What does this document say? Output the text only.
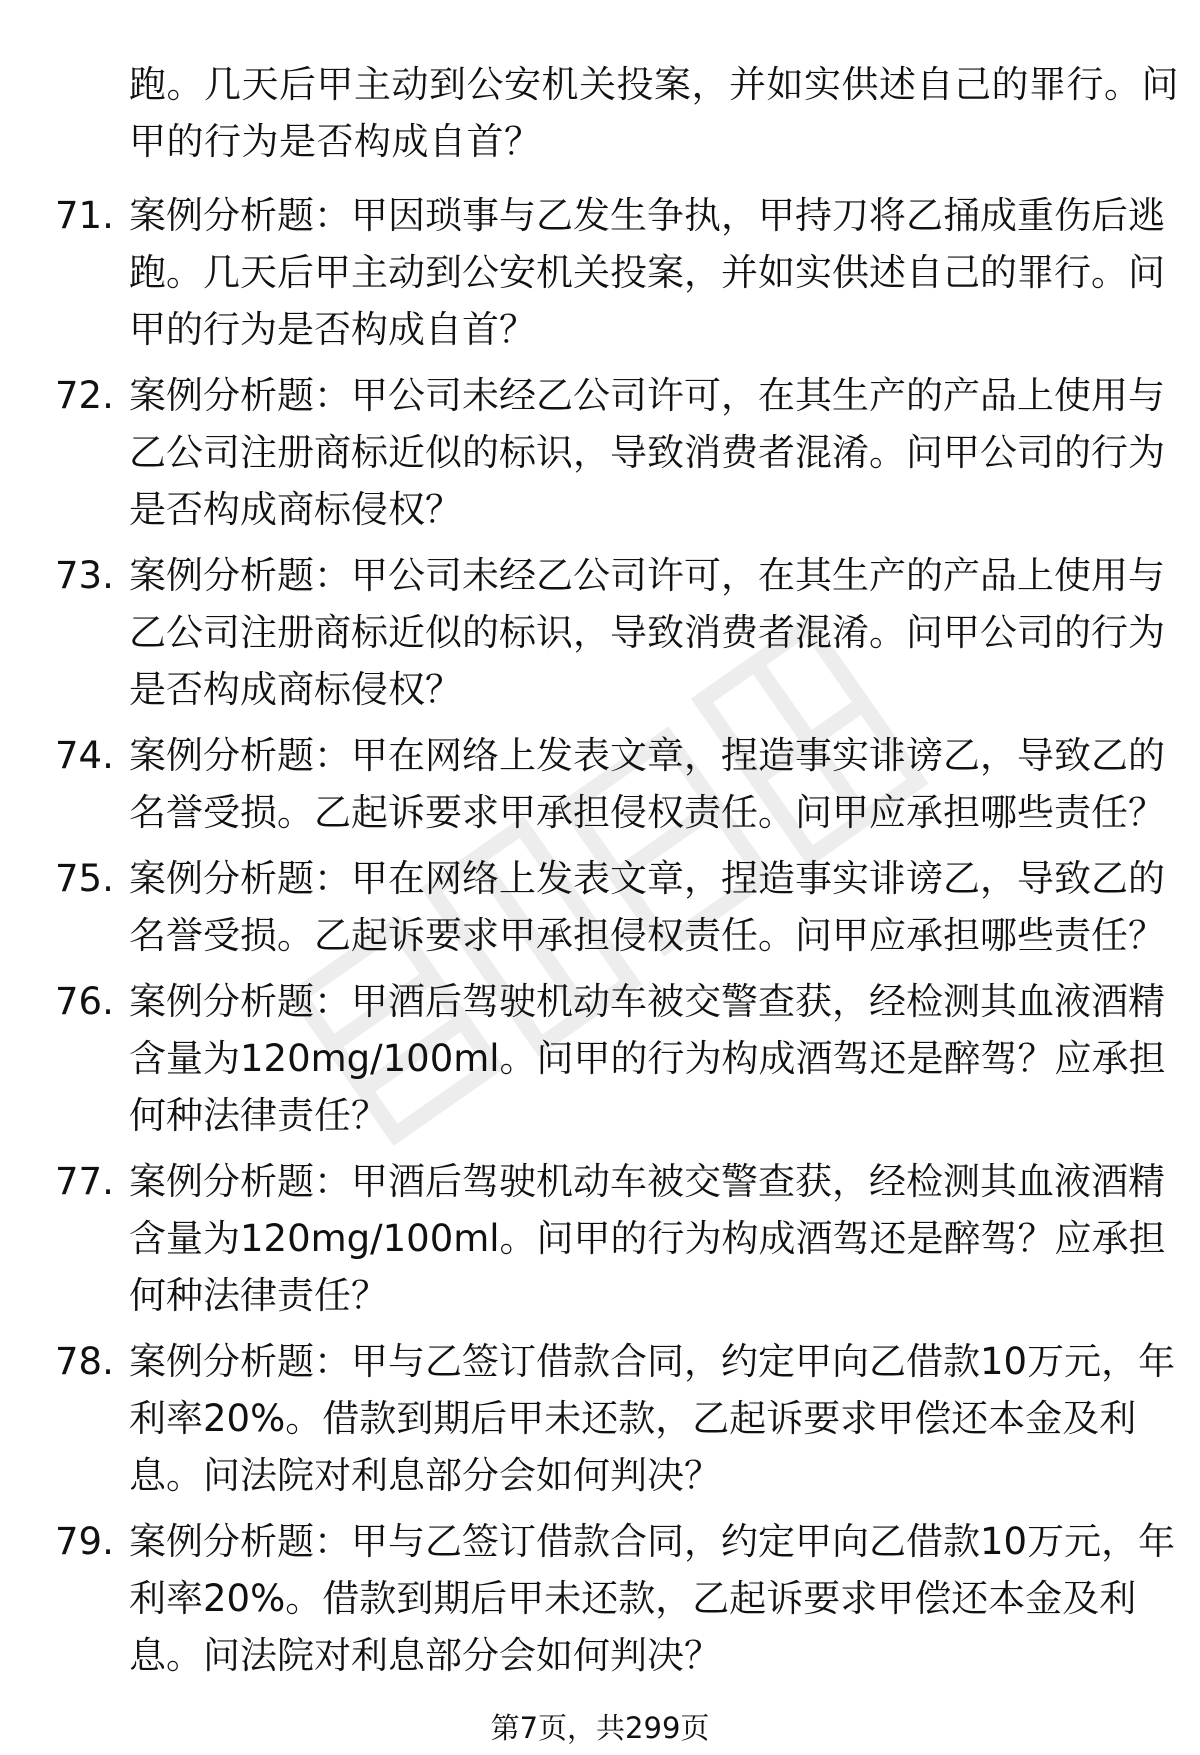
跑。几天后甲主动到公安机关投案，并如实供述自己的罪行。问
甲的行为是否构成自首？
71. 案例分析题：甲因琐事与乙发生争执，甲持刀将乙捅成重伤后逃
跑。几天后甲主动到公安机关投案，并如实供述自己的罪行。问
甲的行为是否构成自首？
72. 案例分析题：甲公司未经乙公司许可，在其生产的产品上使用与
乙公司注册商标近似的标识，导致消费者混淆。问甲公司的行为
是否构成商标侵权？
73. 案例分析题：甲公司未经乙公司许可，在其生产的产品上使用与
乙公司注册商标近似的标识，导致消费者混淆。问甲公司的行为
是否构成商标侵权？
74. 案例分析题：甲在网络上发表文章，捏造事实诽谤乙，导致乙的
名誉受损。乙起诉要求甲承担侵权责任。问甲应承担哪些责任？
75. 案例分析题：甲在网络上发表文章，捏造事实诽谤乙，导致乙的
名誉受损。乙起诉要求甲承担侵权责任。问甲应承担哪些责任？
76. 案例分析题：甲酒后驾驶机动车被交警查获，经检测其血液酒精
含量为120mg/100ml。问甲的行为构成酒驾还是醉驾？应承担
何种法律责任？
77. 案例分析题：甲酒后驾驶机动车被交警查获，经检测其血液酒精
含量为120mg/100ml。问甲的行为构成酒驾还是醉驾？应承担
何种法律责任？
78. 案例分析题：甲与乙签订借款合同，约定甲向乙借款10万元，年
利率20%。借款到期后甲未还款，乙起诉要求甲偿还本金及利
息。问法院对利息部分会如何判决？
79. 案例分析题：甲与乙签订借款合同，约定甲向乙借款10万元，年
利率20%。借款到期后甲未还款，乙起诉要求甲偿还本金及利
息。问法院对利息部分会如何判决？
第7页，共299页
